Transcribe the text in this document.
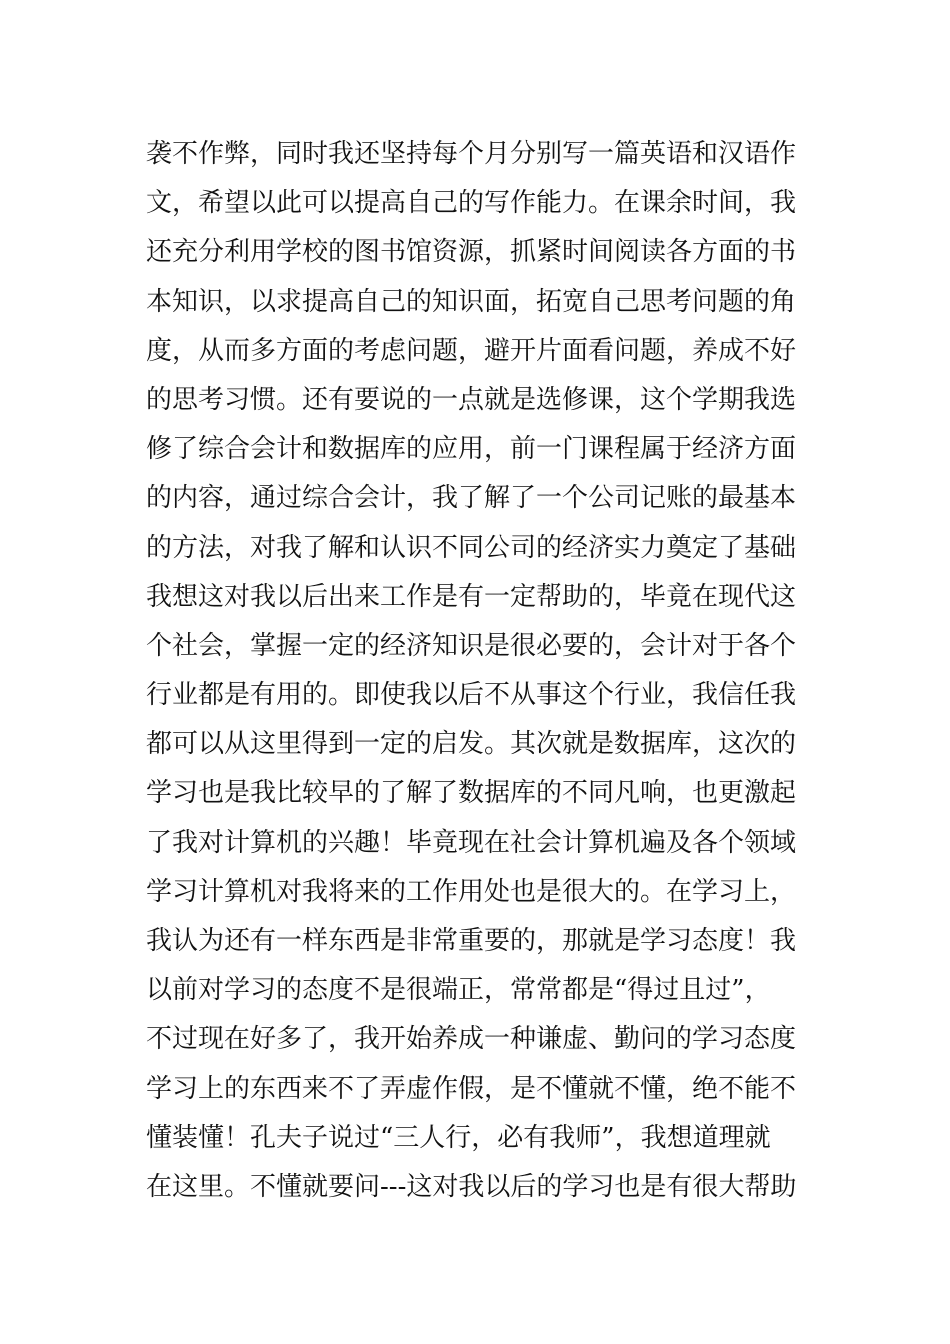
袭不作弊，同时我还坚持每个月分别写一篇英语和汉语作
文，希望以此可以提高自己的写作能力。在课余时间，我
还充分利用学校的图书馆资源，抓紧时间阅读各方面的书
本知识，以求提高自己的知识面，拓宽自己思考问题的角
度，从而多方面的考虑问题，避开片面看问题，养成不好
的思考习惯。还有要说的一点就是选修课，这个学期我选
修了综合会计和数据库的应用，前一门课程属于经济方面
的内容，通过综合会计，我了解了一个公司记账的最基本
的方法，对我了解和认识不同公司的经济实力奠定了基础
我想这对我以后出来工作是有一定帮助的，毕竟在现代这
个社会，掌握一定的经济知识是很必要的，会计对于各个
行业都是有用的。即使我以后不从事这个行业，我信任我
都可以从这里得到一定的启发。其次就是数据库，这次的
学习也是我比较早的了解了数据库的不同凡响，也更激起
了我对计算机的兴趣！毕竟现在社会计算机遍及各个领域
学习计算机对我将来的工作用处也是很大的。在学习上，
我认为还有一样东西是非常重要的，那就是学习态度！我
以前对学习的态度不是很端正，常常都是“得过且过”，
不过现在好多了，我开始养成一种谦虚、勤问的学习态度
学习上的东西来不了弄虚作假，是不懂就不懂，绝不能不
懂装懂！孔夫子说过“三人行，必有我师”，我想道理就
在这里。不懂就要问---这对我以后的学习也是有很大帮助
